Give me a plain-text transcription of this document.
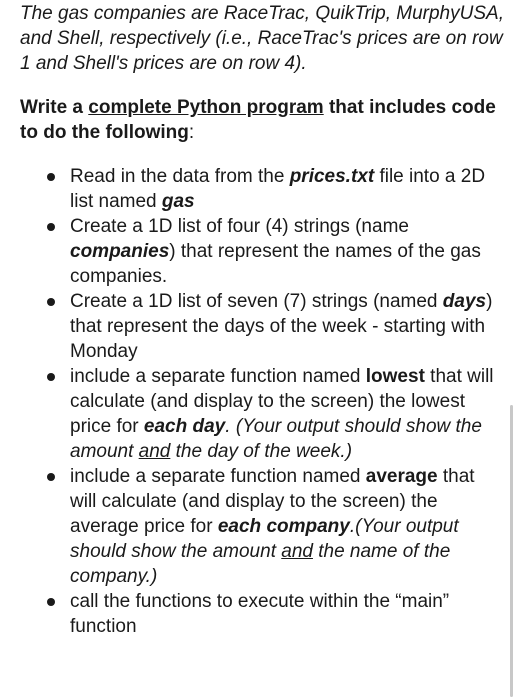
The gas companies are RaceTrac, QuikTrip, MurphyUSA, and Shell, respectively (i.e., RaceTrac's prices are on row 1 and Shell's prices are on row 4).

Write a complete Python program that includes code to do the following:

Read in the data from the prices.txt file into a 2D list named gas
Create a 1D list of four (4) strings (name companies) that represent the names of the gas companies.
Create a 1D list of seven (7) strings (named days) that represent the days of the week - starting with Monday
include a separate function named lowest that will calculate (and display to the screen) the lowest price for each day. (Your output should show the amount and the day of the week.)
include a separate function named average that will calculate (and display to the screen) the average price for each company.(Your output should show the amount and the name of the company.)
call the functions to execute within the “main” function
